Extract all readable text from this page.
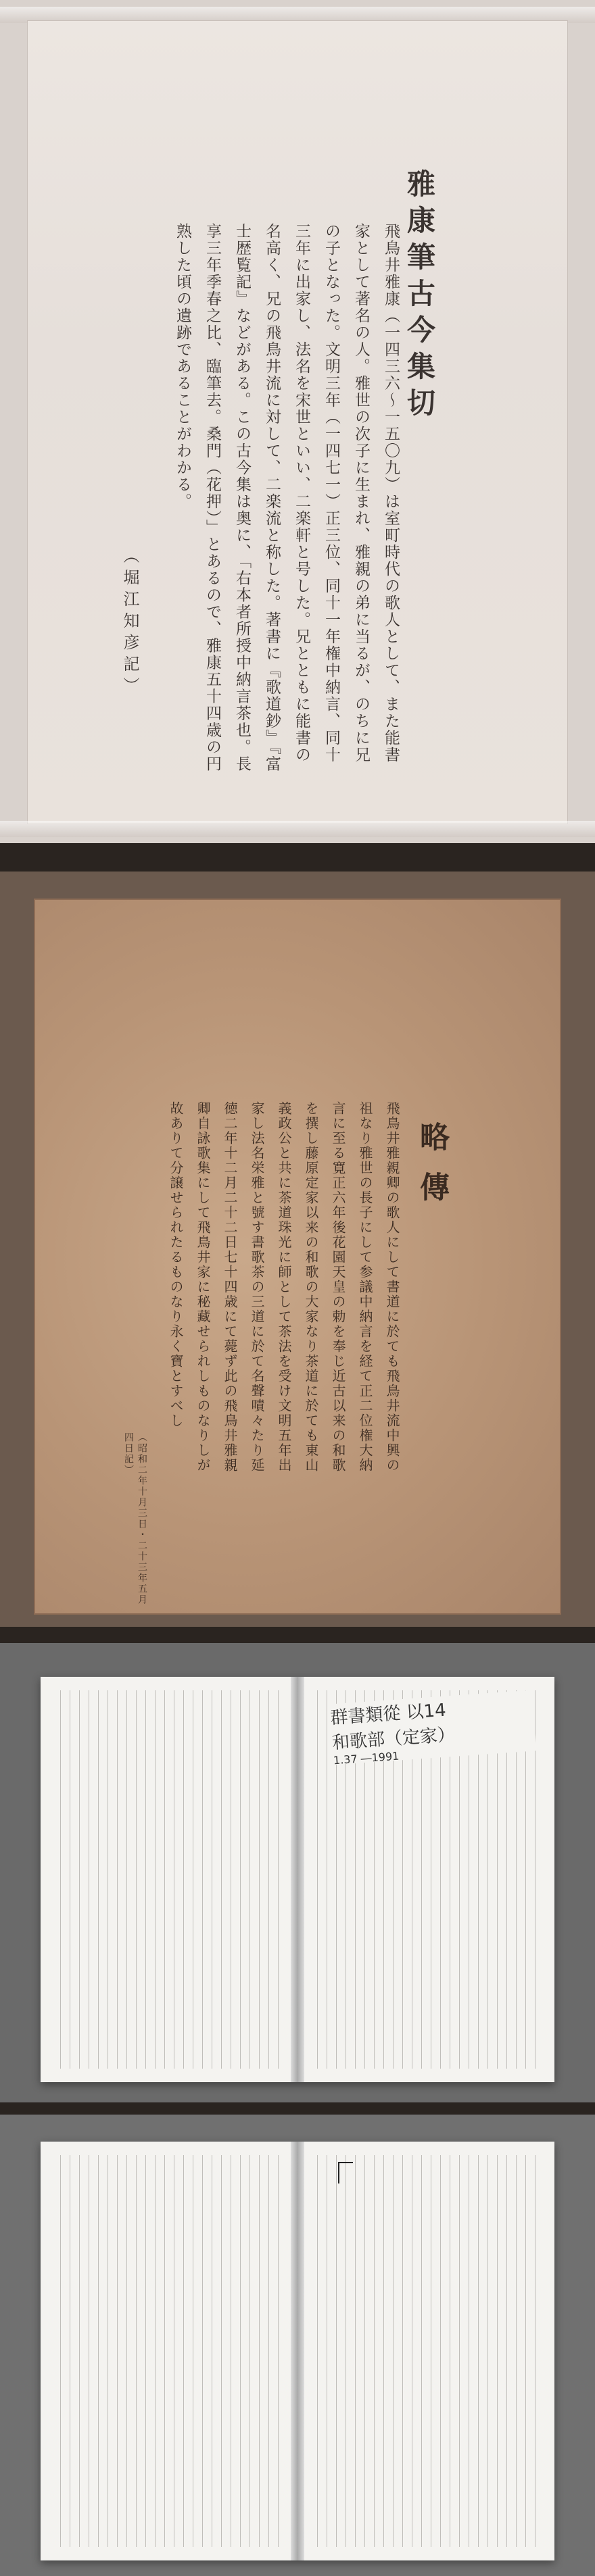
雅康筆古今集切
飛鳥井雅康（一四三六～一五〇九）は室町時代の歌人として、また能書家として著名の人。雅世の次子に生まれ、雅親の弟に当るが、のちに兄の子となった。文明三年（一四七一）正三位、同十一年権中納言、同十三年に出家し、法名を宋世といい、二楽軒と号した。兄とともに能書の名高く、兄の飛鳥井流に対して、二楽流と称した。著書に『歌道鈔』『富士歴覧記』などがある。この古今集は奥に、「右本者所授中納言茶也。長享三年季春之比、臨筆去。桑門（花押）」とあるので、雅康五十四歳の円熟した頃の遺跡であることがわかる。
（堀江知彦記）
略傳
飛鳥井雅親卿の歌人にして書道に於ても飛鳥井流中興の祖なり雅世の長子にして参議中納言を経て正二位権大納言に至る寛正六年後花園天皇の勅を奉じ近古以来の和歌を撰し藤原定家以来の和歌の大家なり茶道に於ても東山義政公と共に茶道珠光に師として茶法を受け文明五年出家し法名栄雅と號す書歌茶の三道に於て名聲嘖々たり延徳二年十二月二十二日七十四歳にて薨ず此の飛鳥井雅親卿自詠歌集にして飛鳥井家に秘藏せられしものなりしが故ありて分譲せられたるものなり永く寶とすべし
（昭和二年十月三日・二十三年五月四日記）
群書類從 以14
和歌部（定家）
1.37 ―1991
